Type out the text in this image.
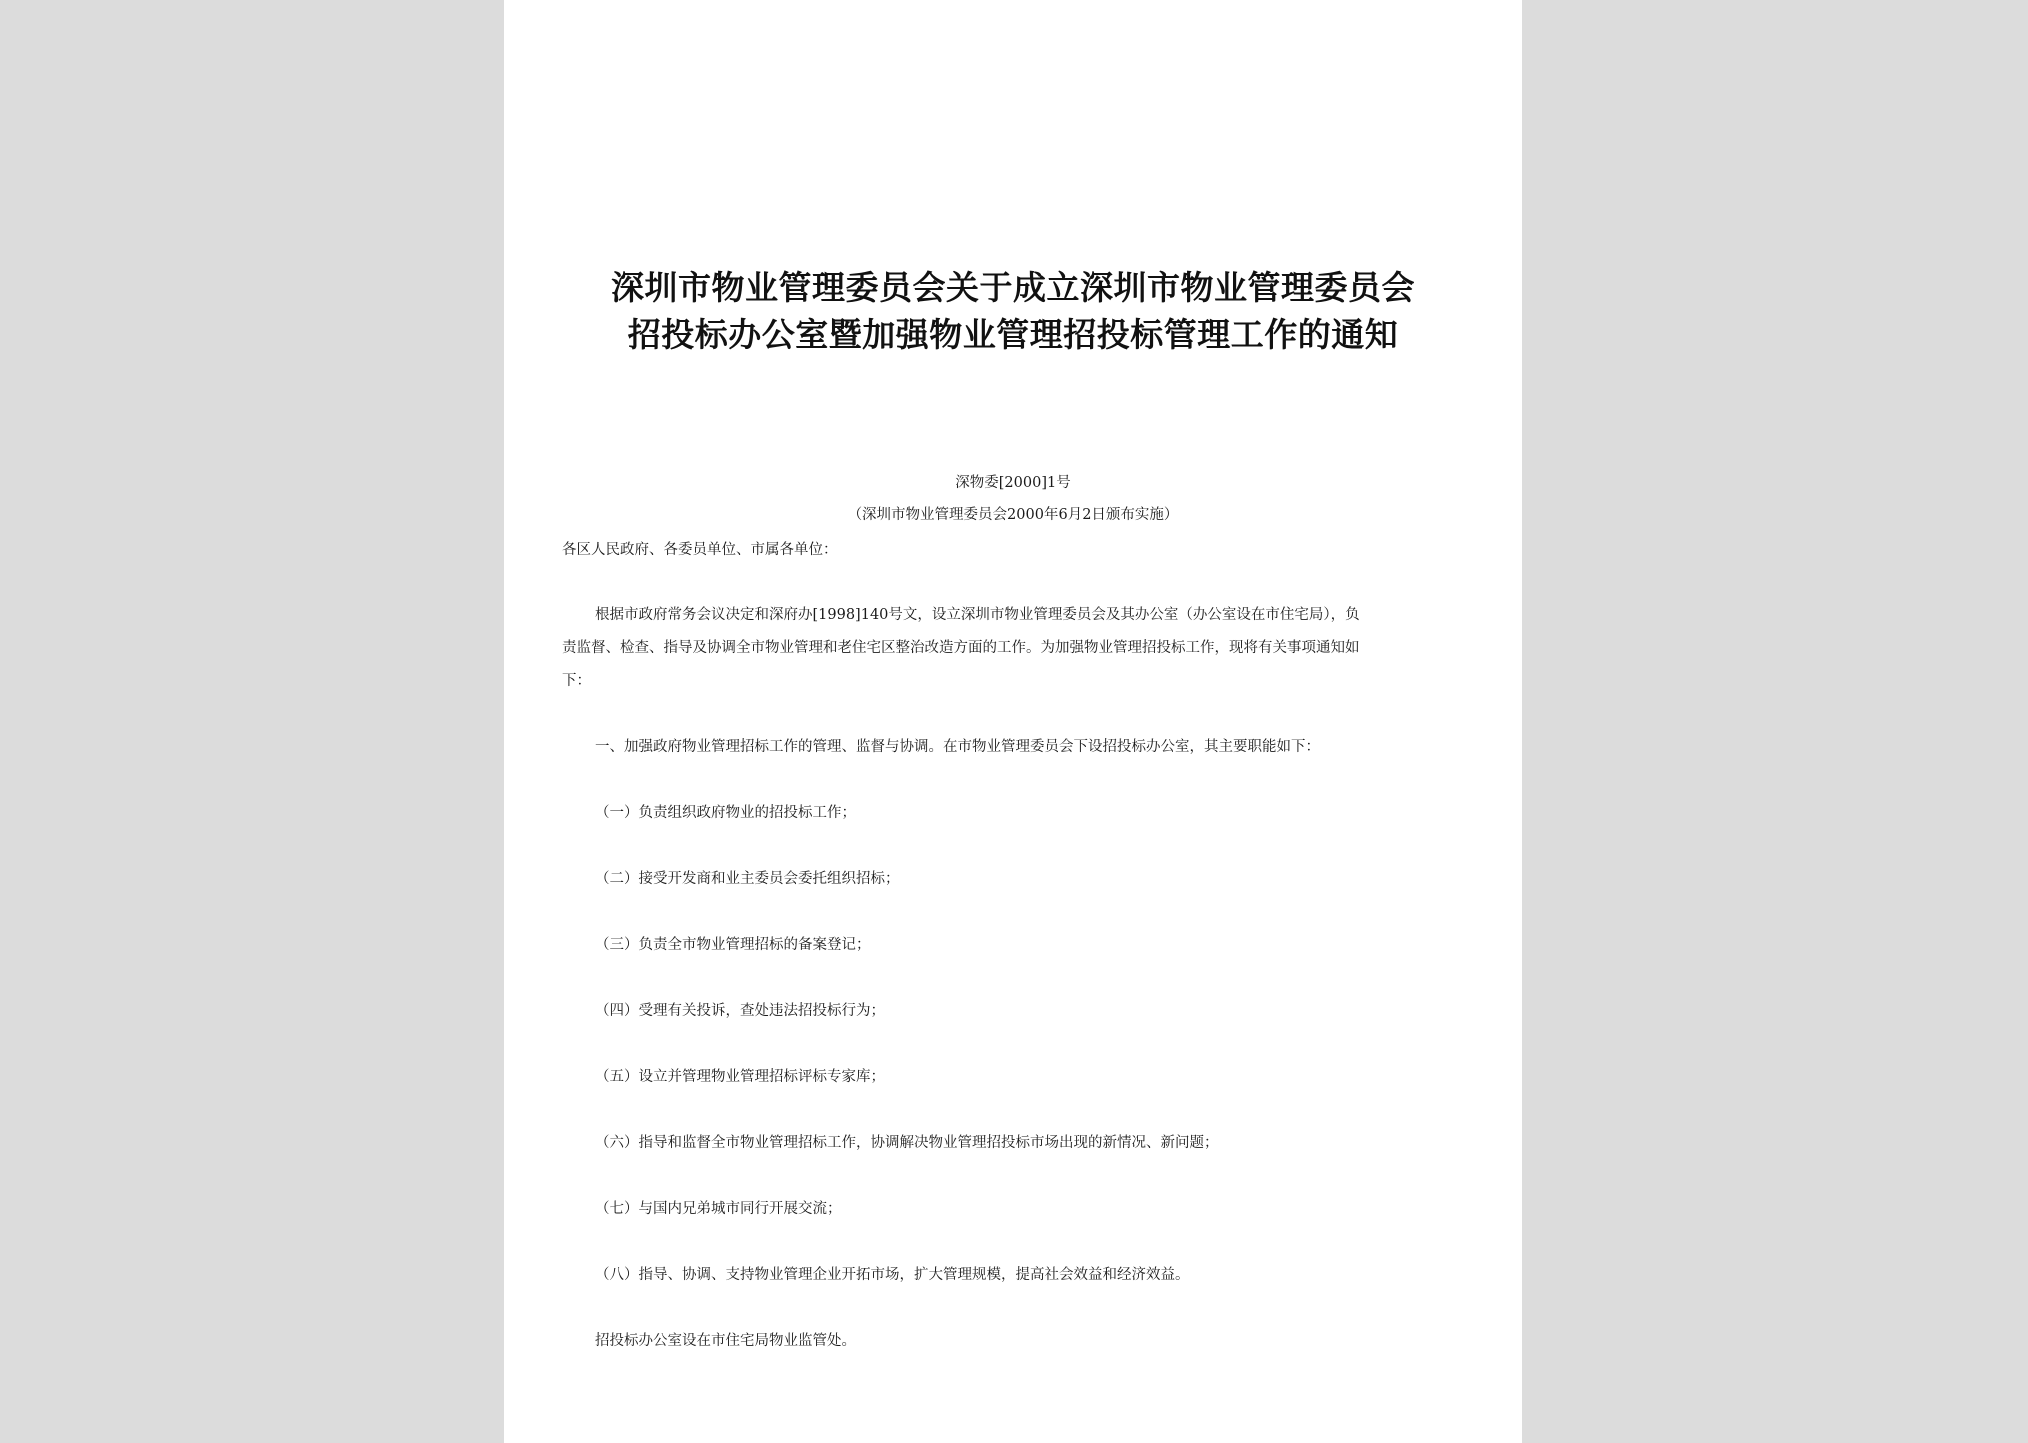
深圳市物业管理委员会关于成立深圳市物业管理委员会
招投标办公室暨加强物业管理招投标管理工作的通知
深物委[2000]1号
（深圳市物业管理委员会2000年6月2日颁布实施）
各区人民政府、各委员单位、市属各单位：
根据市政府常务会议决定和深府办[1998]140号文，设立深圳市物业管理委员会及其办公室（办公室设在市住宅局），负
责监督、检查、指导及协调全市物业管理和老住宅区整治改造方面的工作。为加强物业管理招投标工作，现将有关事项通知如
下：
一、加强政府物业管理招标工作的管理、监督与协调。在市物业管理委员会下设招投标办公室，其主要职能如下：
（一）负责组织政府物业的招投标工作；
（二）接受开发商和业主委员会委托组织招标；
（三）负责全市物业管理招标的备案登记；
（四）受理有关投诉，查处违法招投标行为；
（五）设立并管理物业管理招标评标专家库；
（六）指导和监督全市物业管理招标工作，协调解决物业管理招投标市场出现的新情况、新问题；
（七）与国内兄弟城市同行开展交流；
（八）指导、协调、支持物业管理企业开拓市场，扩大管理规模，提高社会效益和经济效益。
招投标办公室设在市住宅局物业监管处。
